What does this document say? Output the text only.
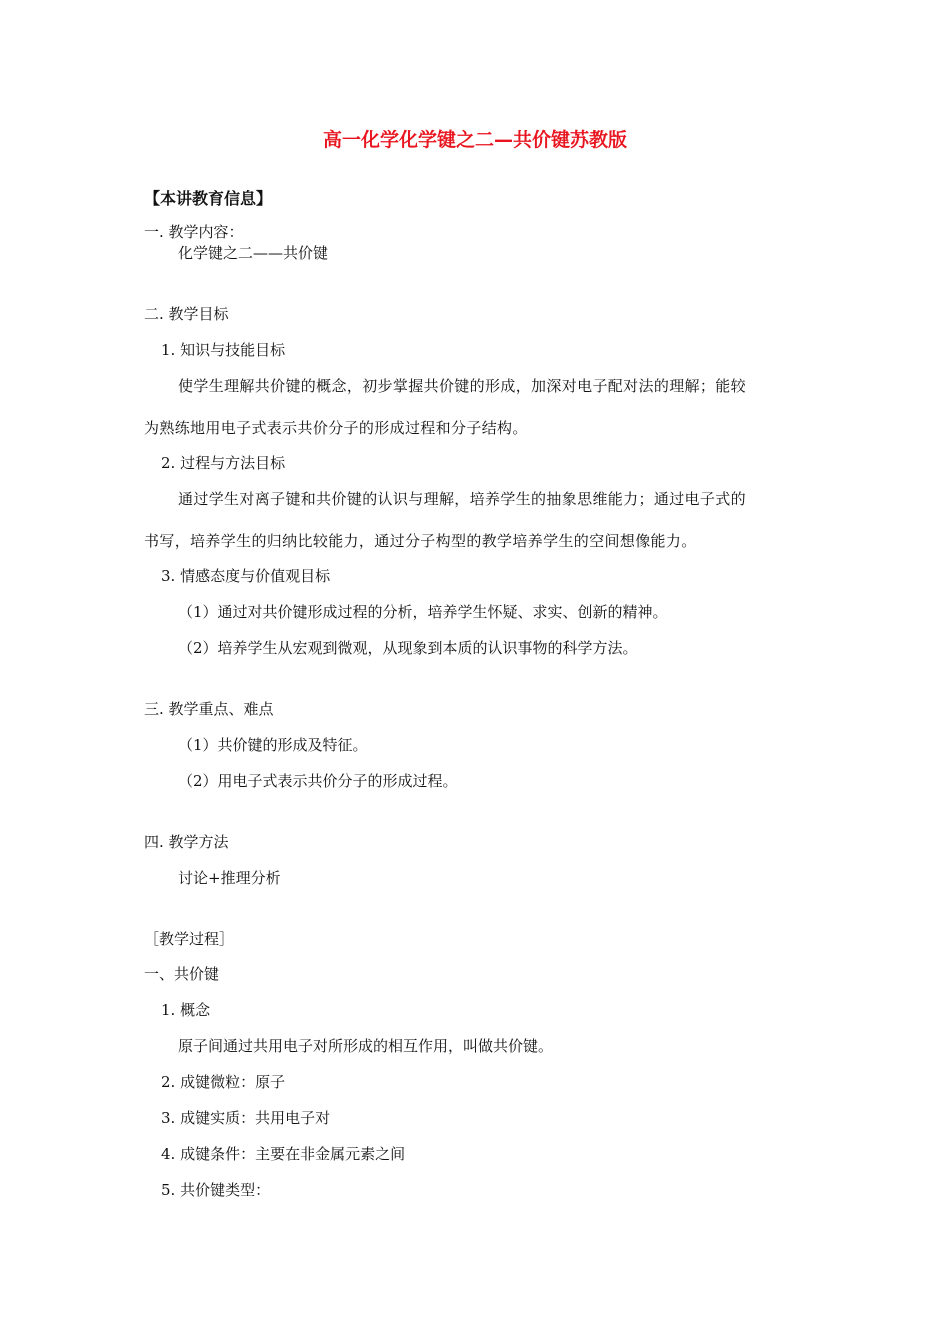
高一化学化学键之二—共价键苏教版
【本讲教育信息】
一. 教学内容：
化学键之二——共价键
二. 教学目标
1. 知识与技能目标
使学生理解共价键的概念，初步掌握共价键的形成，加深对电子配对法的理解；能较
为熟练地用电子式表示共价分子的形成过程和分子结构。
2. 过程与方法目标
通过学生对离子键和共价键的认识与理解，培养学生的抽象思维能力；通过电子式的
书写，培养学生的归纳比较能力，通过分子构型的教学培养学生的空间想像能力。
3. 情感态度与价值观目标
（1）通过对共价键形成过程的分析，培养学生怀疑、求实、创新的精神。
（2）培养学生从宏观到微观，从现象到本质的认识事物的科学方法。
三. 教学重点、难点
（1）共价键的形成及特征。
（2）用电子式表示共价分子的形成过程。
四. 教学方法
讨论+推理分析
［教学过程］
一、共价键
1. 概念
原子间通过共用电子对所形成的相互作用，叫做共价键。
2. 成键微粒：原子
3. 成键实质：共用电子对
4. 成键条件：主要在非金属元素之间
5. 共价键类型：
